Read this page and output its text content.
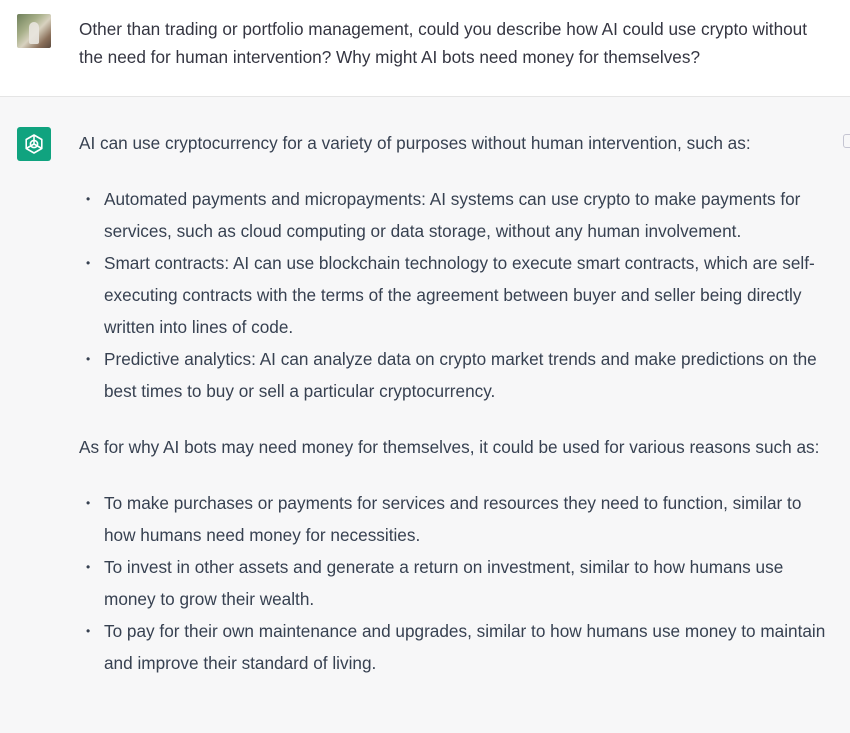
Other than trading or portfolio management, could you describe how AI could use crypto without the need for human intervention? Why might AI bots need money for themselves?

AI can use cryptocurrency for a variety of purposes without human intervention, such as:

• Automated payments and micropayments: AI systems can use crypto to make payments for services, such as cloud computing or data storage, without any human involvement.
• Smart contracts: AI can use blockchain technology to execute smart contracts, which are self-executing contracts with the terms of the agreement between buyer and seller being directly written into lines of code.
• Predictive analytics: AI can analyze data on crypto market trends and make predictions on the best times to buy or sell a particular cryptocurrency.

As for why AI bots may need money for themselves, it could be used for various reasons such as:

• To make purchases or payments for services and resources they need to function, similar to how humans need money for necessities.
• To invest in other assets and generate a return on investment, similar to how humans use money to grow their wealth.
• To pay for their own maintenance and upgrades, similar to how humans use money to maintain and improve their standard of living.
